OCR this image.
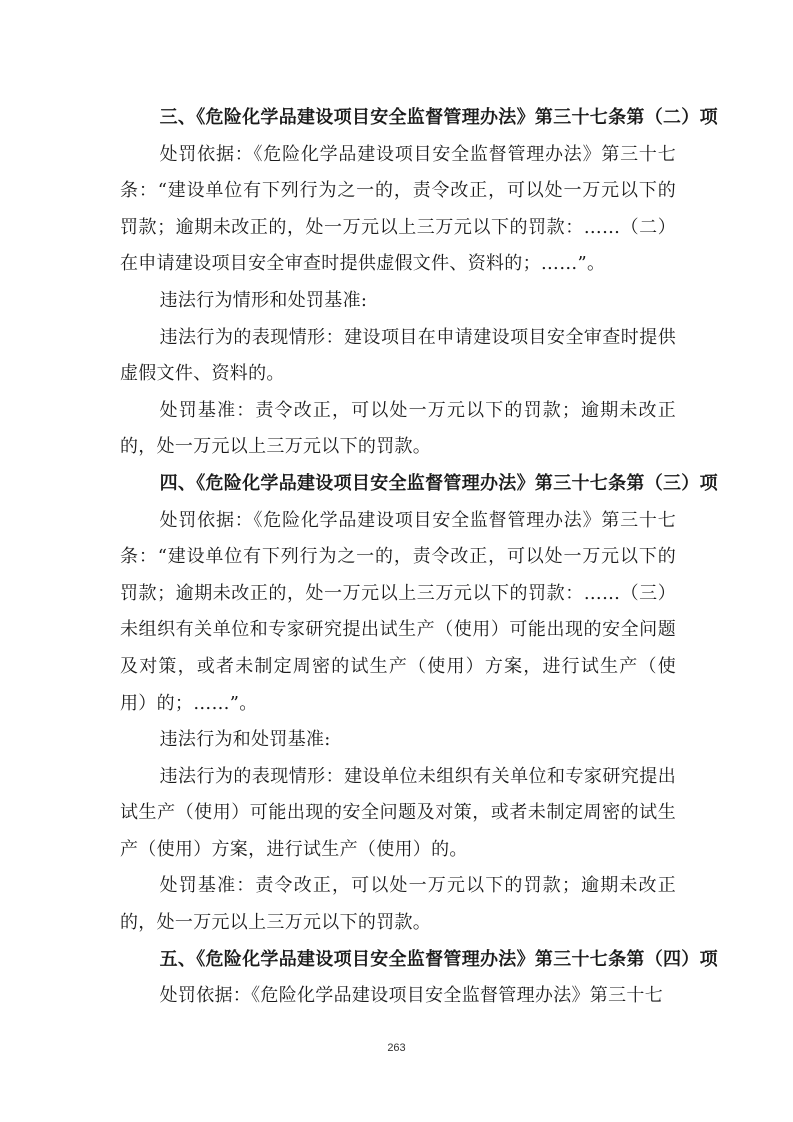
三、《危险化学品建设项目安全监督管理办法》第三十七条第（二）项

处罚依据：《危险化学品建设项目安全监督管理办法》第三十七条：“建设单位有下列行为之一的，责令改正，可以处一万元以下的罚款；逾期未改正的，处一万元以上三万元以下的罚款：……（二）在申请建设项目安全审查时提供虚假文件、资料的；……”。

违法行为情形和处罚基准:

违法行为的表现情形：建设项目在申请建设项目安全审查时提供虚假文件、资料的。

处罚基准：责令改正，可以处一万元以下的罚款；逾期未改正的，处一万元以上三万元以下的罚款。

四、《危险化学品建设项目安全监督管理办法》第三十七条第（三）项

处罚依据：《危险化学品建设项目安全监督管理办法》第三十七条：“建设单位有下列行为之一的，责令改正，可以处一万元以下的罚款；逾期未改正的，处一万元以上三万元以下的罚款：……（三）未组织有关单位和专家研究提出试生产（使用）可能出现的安全问题及对策，或者未制定周密的试生产（使用）方案，进行试生产（使用）的；……”。

违法行为和处罚基准:

违法行为的表现情形：建设单位未组织有关单位和专家研究提出试生产（使用）可能出现的安全问题及对策，或者未制定周密的试生产（使用）方案，进行试生产（使用）的。

处罚基准：责令改正，可以处一万元以下的罚款；逾期未改正的，处一万元以上三万元以下的罚款。

五、《危险化学品建设项目安全监督管理办法》第三十七条第（四）项

处罚依据：《危险化学品建设项目安全监督管理办法》第三十七

263
